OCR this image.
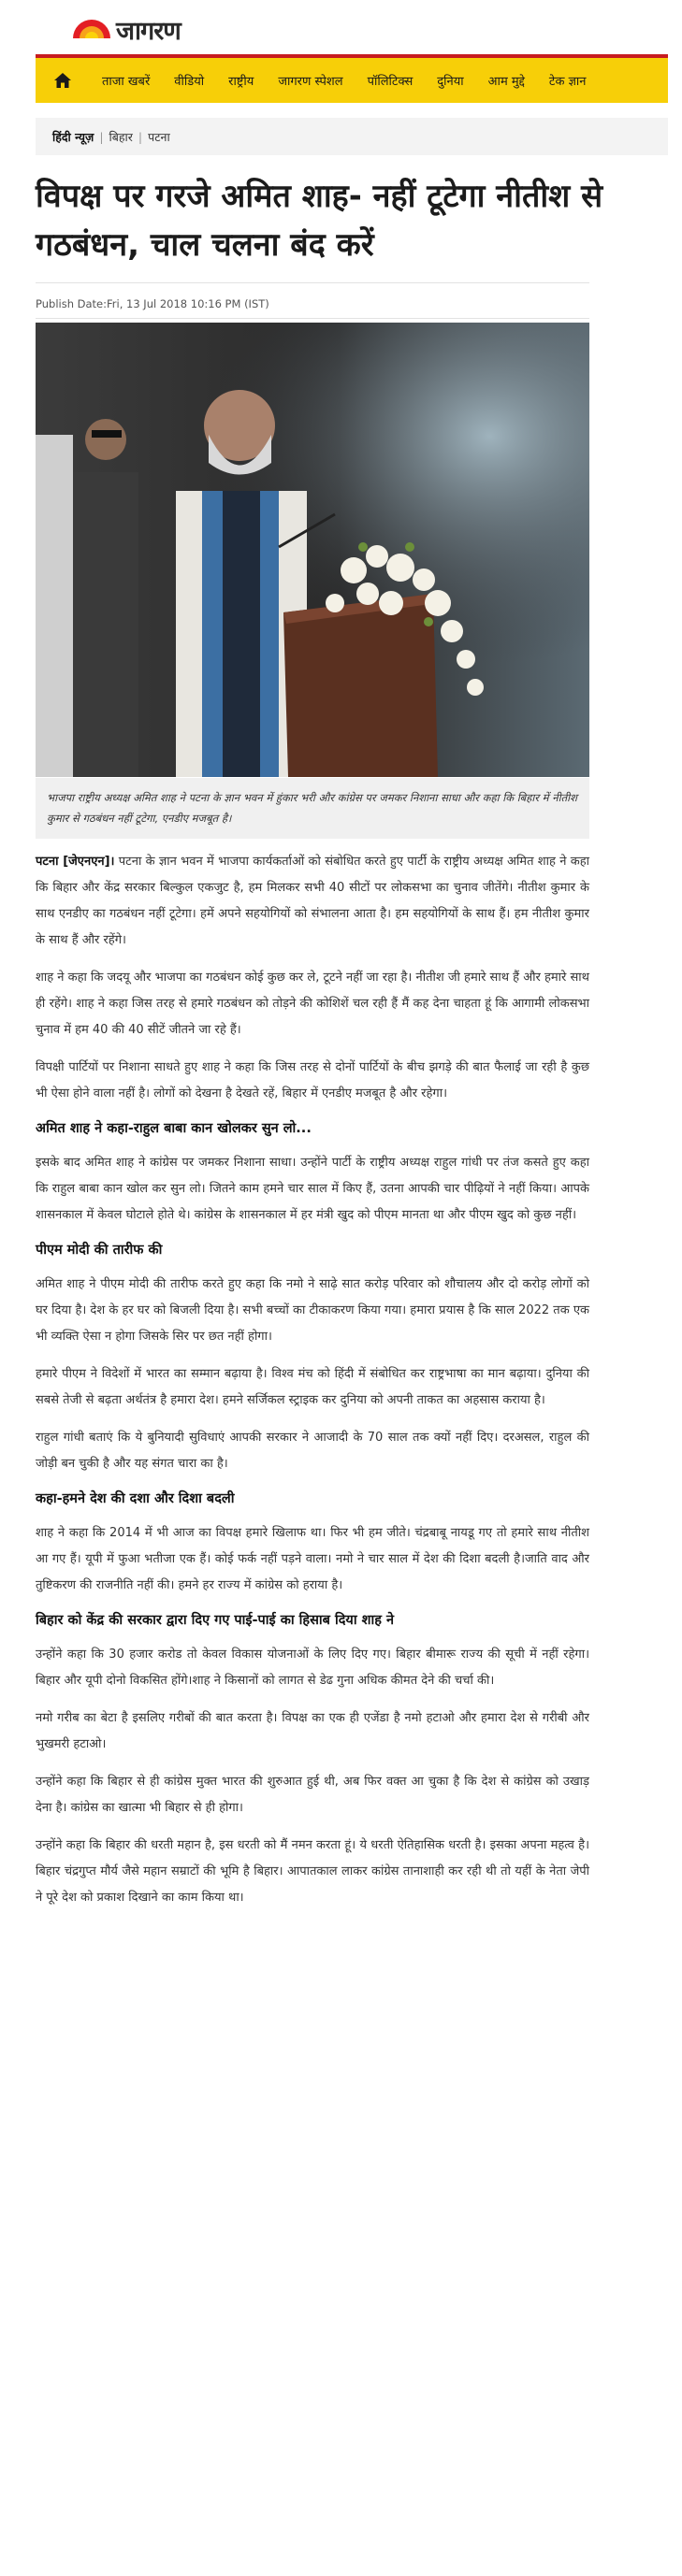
जागरण
ताजा खबरें	वीडियो	राष्ट्रीय	जागरण स्पेशल	पॉलिटिक्स	दुनिया	आम मुद्दे	टेक ज्ञान
हिंदी न्यूज़ | बिहार | पटना
विपक्ष पर गरजे अमित शाह- नहीं टूटेगा नीतीश से गठबंधन, चाल चलना बंद करें
Publish Date:Fri, 13 Jul 2018 10:16 PM (IST)
भाजपा राष्ट्रीय अध्यक्ष अमित शाह ने पटना के ज्ञान भवन में हुंकार भरी और कांग्रेस पर जमकर निशाना साधा और कहा कि बिहार में नीतीश कुमार से गठबंधन नहीं टूटेगा, एनडीए मजबूत है।

पटना [जेएनएन]। पटना के ज्ञान भवन में भाजपा कार्यकर्ताओं को संबोधित करते हुए पार्टी के राष्ट्रीय अध्यक्ष अमित शाह ने कहा कि बिहार और केंद्र सरकार बिल्कुल एकजुट है, हम मिलकर सभी 40 सीटों पर लोकसभा का चुनाव जीतेंगे। नीतीश कुमार के साथ एनडीए का गठबंधन नहीं टूटेगा। हमें अपने सहयोगियों को संभालना आता है। हम सहयोगियों के साथ हैं। हम नीतीश कुमार के साथ हैं और रहेंगे।

शाह ने कहा कि जदयू और भाजपा का गठबंधन कोई कुछ कर ले, टूटने नहीं जा रहा है। नीतीश जी हमारे साथ हैं और हमारे साथ ही रहेंगे। शाह ने कहा जिस तरह से हमारे गठबंधन को तोड़ने की कोशिशें चल रही हैं मैं कह देना चाहता हूं कि आगामी लोकसभा चुनाव में हम 40 की 40 सीटें जीतने जा रहे हैं।

विपक्षी पार्टियों पर निशाना साधते हुए शाह ने कहा कि जिस तरह से दोनों पार्टियों के बीच झगड़े की बात फैलाई जा रही है कुछ भी ऐसा होने वाला नहीं है। लोगों को देखना है देखते रहें, बिहार में एनडीए मजबूत है और रहेगा।

अमित शाह ने कहा-राहुल बाबा कान खोलकर सुन लो...

इसके बाद अमित शाह ने कांग्रेस पर जमकर निशाना साधा। उन्होंने पार्टी के राष्ट्रीय अध्यक्ष राहुल गांधी पर तंज कसते हुए कहा कि राहुल बाबा कान खोल कर सुन लो। जितने काम हमने चार साल में किए हैं, उतना आपकी चार पीढ़ियों ने नहीं किया। आपके शासनकाल में केवल घोटाले होते थे। कांग्रेस के शासनकाल में हर मंत्री खुद को पीएम मानता था और पीएम खुद को कुछ नहीं।

पीएम मोदी की तारीफ की

अमित शाह ने पीएम मोदी की तारीफ करते हुए कहा कि नमो ने साढ़े सात करोड़ परिवार को शौचालय और दो करोड़ लोगों को घर दिया है। देश के हर घर को बिजली दिया है। सभी बच्चों का टीकाकरण किया गया। हमारा प्रयास है कि साल 2022 तक एक भी व्यक्ति ऐसा न होगा जिसके सिर पर छत नहीं होगा।

हमारे पीएम ने विदेशों में भारत का सम्मान बढ़ाया है। विश्व मंच को हिंदी में संबोधित कर राष्ट्रभाषा का मान बढ़ाया। दुनिया की सबसे तेजी से बढ़ता अर्थतंत्र है हमारा देश। हमने सर्जिकल स्ट्राइक कर दुनिया को अपनी ताकत का अहसास कराया है।

राहुल गांधी बताएं कि ये बुनियादी सुविधाएं आपकी सरकार ने आजादी के 70 साल तक क्यों नहीं दिए। दरअसल, राहुल की जोड़ी बन चुकी है और यह संगत चारा का है।

कहा-हमने देश की दशा और दिशा बदली

शाह ने कहा कि 2014 में भी आज का विपक्ष हमारे खिलाफ था। फिर भी हम जीते। चंद्रबाबू नायडू गए तो हमारे साथ नीतीश आ गए हैं। यूपी में फुआ भतीजा एक हैं। कोई फर्क नहीं पड़ने वाला। नमो ने चार साल में देश की दिशा बदली है।जाति वाद और तुष्टिकरण की राजनीति नहीं की। हमने हर राज्य में कांग्रेस को हराया है।

बिहार को केंद्र की सरकार द्वारा दिए गए पाई-पाई का हिसाब दिया शाह ने

उन्होंने कहा कि 30 हजार करोड तो केवल विकास योजनाओं के लिए दिए गए। बिहार बीमारू राज्य की सूची में नहीं रहेगा। बिहार और यूपी दोनो विकसित होंगे।शाह ने किसानों को लागत से डेढ गुना अधिक कीमत देने की चर्चा की।

नमो गरीब का बेटा है इसलिए गरीबों की बात करता है। विपक्ष का एक ही एजेंडा है नमो हटाओ और हमारा देश से गरीबी और भुखमरी हटाओ।

उन्होंने कहा कि बिहार से ही कांग्रेस मुक्त भारत की शुरुआत हुई थी, अब फिर वक्त आ चुका है कि देश से कांग्रेस को उखाड़ देना है। कांग्रेस का खात्मा भी बिहार से ही होगा।

उन्होंने कहा कि बिहार की धरती महान है, इस धरती को मैं नमन करता हूं। ये धरती ऐतिहासिक धरती है। इसका अपना महत्व है। बिहार चंद्रगुप्त मौर्य जैसे महान सम्राटों की भूमि है बिहार। आपातकाल लाकर कांग्रेस तानाशाही कर रही थी तो यहीं के नेता जेपी ने पूरे देश को प्रकाश दिखाने का काम किया था।
